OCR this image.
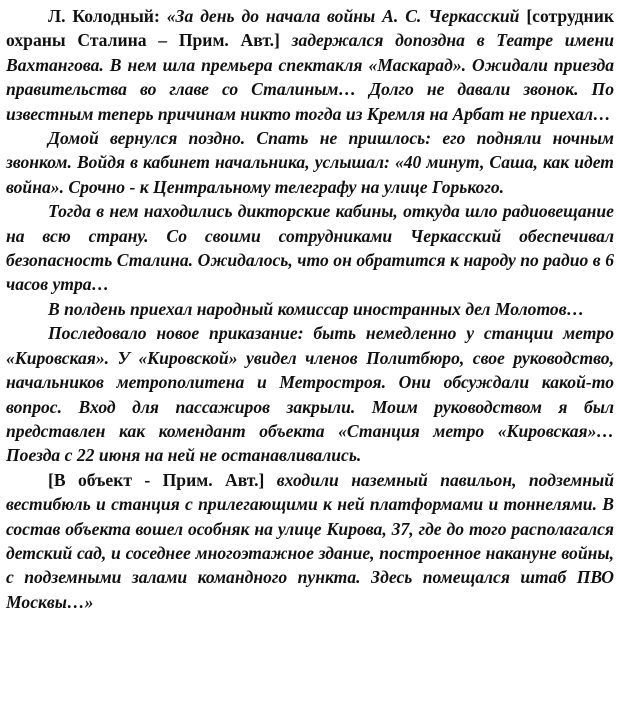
Л. Колодный: «За день до начала войны А. С. Черкасский [сотрудник охраны Сталина – Прим. Авт.] задержался допоздна в Театре имени Вахтангова. В нем шла премьера спектакля «Маскарад». Ожидали приезда правительства во главе со Сталиным… Долго не давали звонок. По известным теперь причинам никто тогда из Кремля на Арбат не приехал…

Домой вернулся поздно. Спать не пришлось: его подняли ночным звонком. Войдя в кабинет начальника, услышал: «40 минут, Саша, как идет война». Срочно - к Центральному телеграфу на улице Горького.

Тогда в нем находились дикторские кабины, откуда шло радиовещание на всю страну. Со своими сотрудниками Черкасский обеспечивал безопасность Сталина. Ожидалось, что он обратится к народу по радио в 6 часов утра…

В полдень приехал народный комиссар иностранных дел Молотов…

Последовало новое приказание: быть немедленно у станции метро «Кировская». У «Кировской» увидел членов Политбюро, свое руководство, начальников метрополитена и Метростроя. Они обсуждали какой-то вопрос. Вход для пассажиров закрыли. Моим руководством я был представлен как комендант объекта «Станция метро «Кировская»… Поезда с 22 июня на ней не останавливались.

[В объект - Прим. Авт.] входили наземный павильон, подземный вестибюль и станция с прилегающими к ней платформами и тоннелями. В состав объекта вошел особняк на улице Кирова, 37, где до того располагался детский сад, и соседнее многоэтажное здание, построенное накануне войны, с подземными залами командного пункта. Здесь помещался штаб ПВО Москвы…»
